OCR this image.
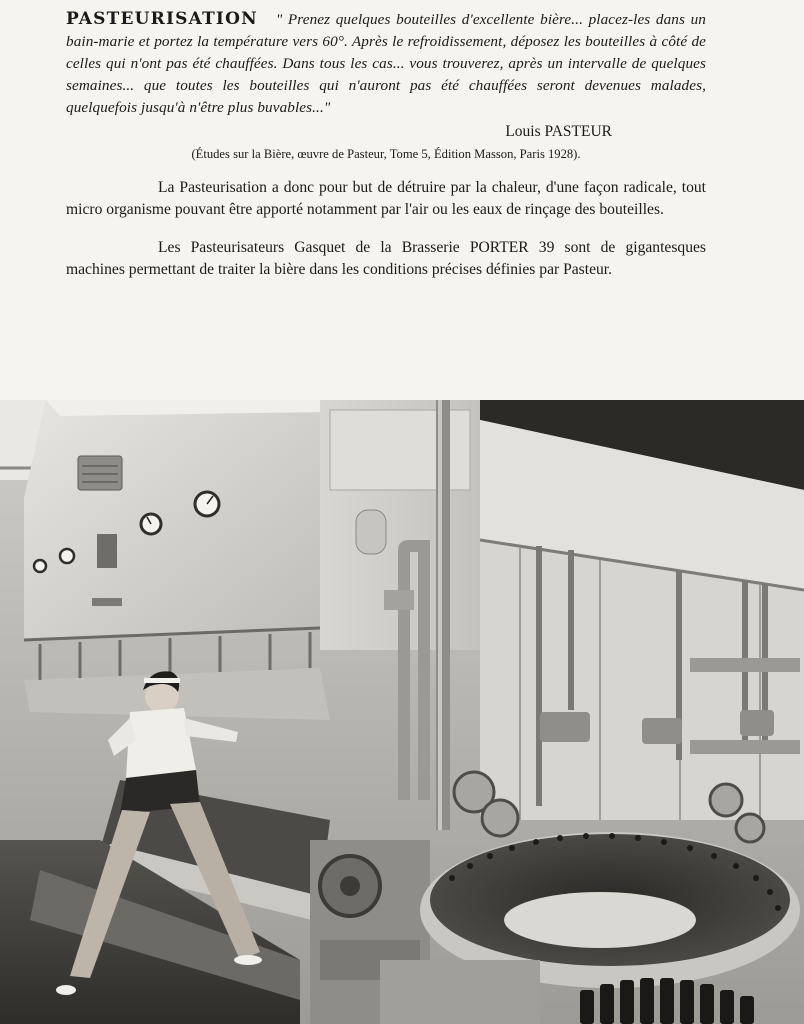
PASTEURISATION " Prenez quelques bouteilles d'excellente bière... placez-les dans un bain-marie et portez la température vers 60°. Après le refroidissement, déposez les bouteilles à côté de celles qui n'ont pas été chauffées. Dans tous les cas... vous trouverez, après un intervalle de quelques semaines... que toutes les bouteilles qui n'auront pas été chauffées seront devenues malades, quelquefois jusqu'à n'être plus buvables..."

Louis PASTEUR

(Études sur la Bière, œuvre de Pasteur, Tome 5, Édition Masson, Paris 1928).

La Pasteurisation a donc pour but de détruire par la chaleur, d'une façon radicale, tout micro organisme pouvant être apporté notamment par l'air ou les eaux de rinçage des bouteilles.

Les Pasteurisateurs Gasquet de la Brasserie PORTER 39 sont de gigantesques machines permettant de traiter la bière dans les conditions précises définies par Pasteur.
